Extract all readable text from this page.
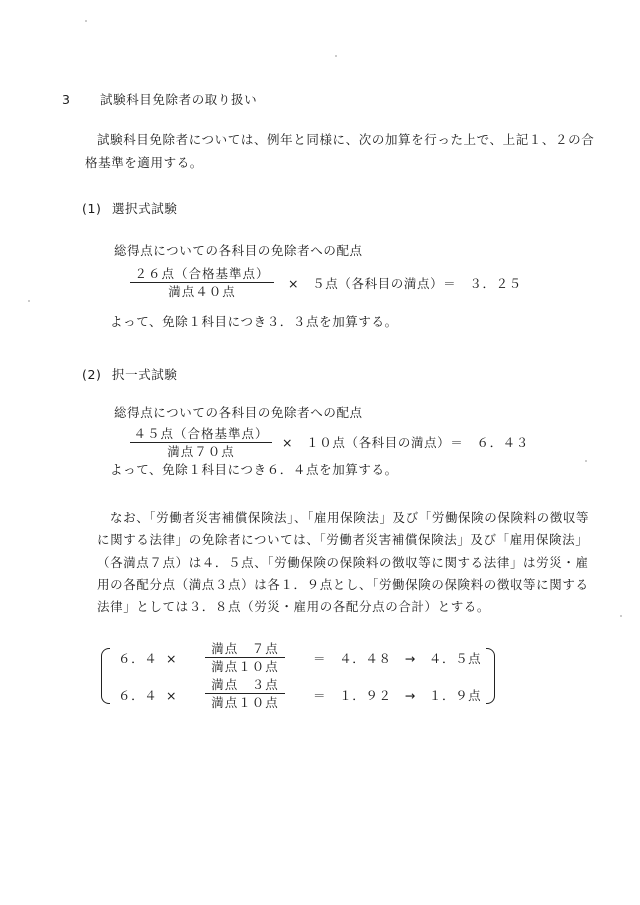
3 試験科目免除者の取り扱い
試験科目免除者については、例年と同様に、次の加算を行った上で、上記１、２の合
格基準を適用する。
(1) 選択式試験
総得点についての各科目の免除者への配点
２６点（合格基準点）
満点４０点
×　５点（各科目の満点）＝　３．２５
よって、免除１科目につき３．３点を加算する。
(2) 択一式試験
総得点についての各科目の免除者への配点
４５点（合格基準点）
満点７０点
×　１０点（各科目の満点）＝　６．４３
よって、免除１科目につき６．４点を加算する。
なお、「労働者災害補償保険法」、「雇用保険法」及び「労働保険の保険料の徴収等
に関する法律」の免除者については、「労働者災害補償保険法」及び「雇用保険法」
（各満点７点）は４．５点、「労働保険の保険料の徴収等に関する法律」は労災・雇
用の各配分点（満点３点）は各１．９点とし、「労働保険の保険料の徴収等に関する
法律」としては３．８点（労災・雇用の各配分点の合計）とする。
６．４ ×
満点　７点
満点１０点
＝　４．４８　→　４．５点
６．４ ×
満点　３点
満点１０点	＝　１．９２　→　１．９点
